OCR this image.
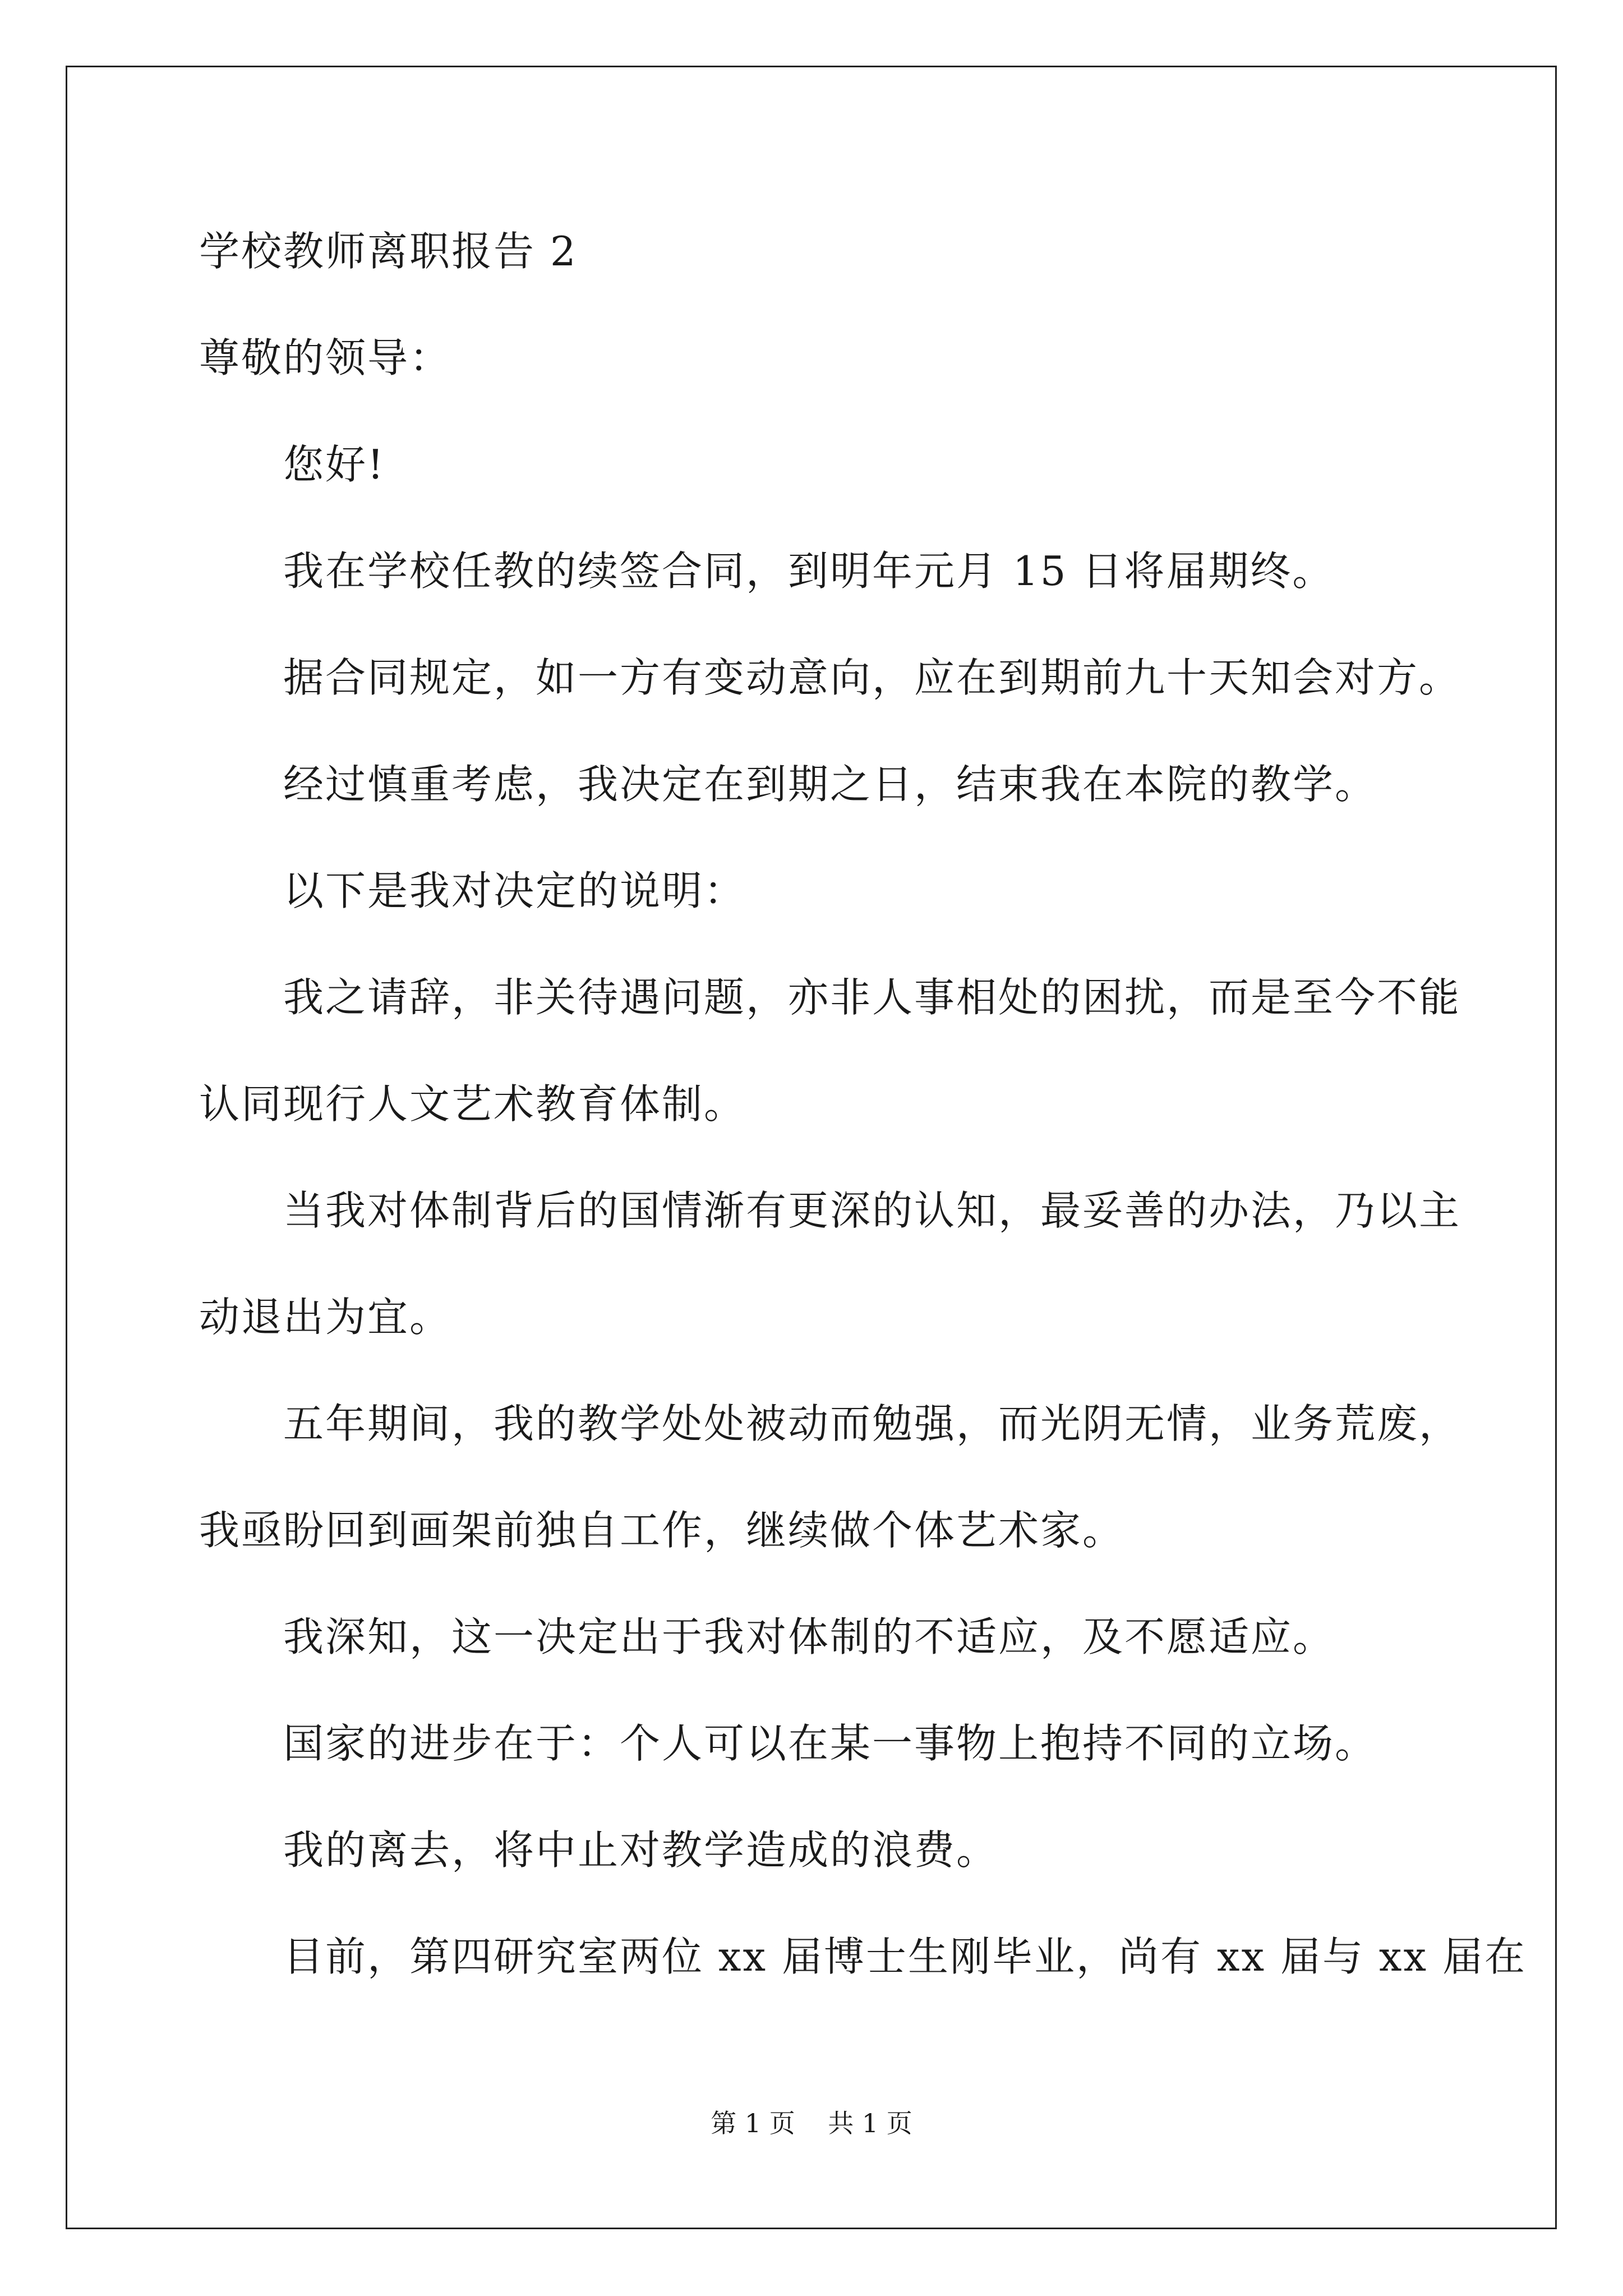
学校教师离职报告 2
尊敬的领导：
您好!
我在学校任教的续签合同，到明年元月 15 日将届期终。
据合同规定，如一方有变动意向，应在到期前九十天知会对方。
经过慎重考虑，我决定在到期之日，结束我在本院的教学。
以下是我对决定的说明：
我之请辞，非关待遇问题，亦非人事相处的困扰，而是至今不能
认同现行人文艺术教育体制。
当我对体制背后的国情渐有更深的认知，最妥善的办法，乃以主
动退出为宜。
五年期间，我的教学处处被动而勉强，而光阴无情，业务荒废，
我亟盼回到画架前独自工作，继续做个体艺术家。
我深知，这一决定出于我对体制的不适应，及不愿适应。
国家的进步在于：个人可以在某一事物上抱持不同的立场。
我的离去，将中止对教学造成的浪费。
目前，第四研究室两位 xx 届博士生刚毕业，尚有 xx 届与 xx 届在
第 1 页    共 1 页
